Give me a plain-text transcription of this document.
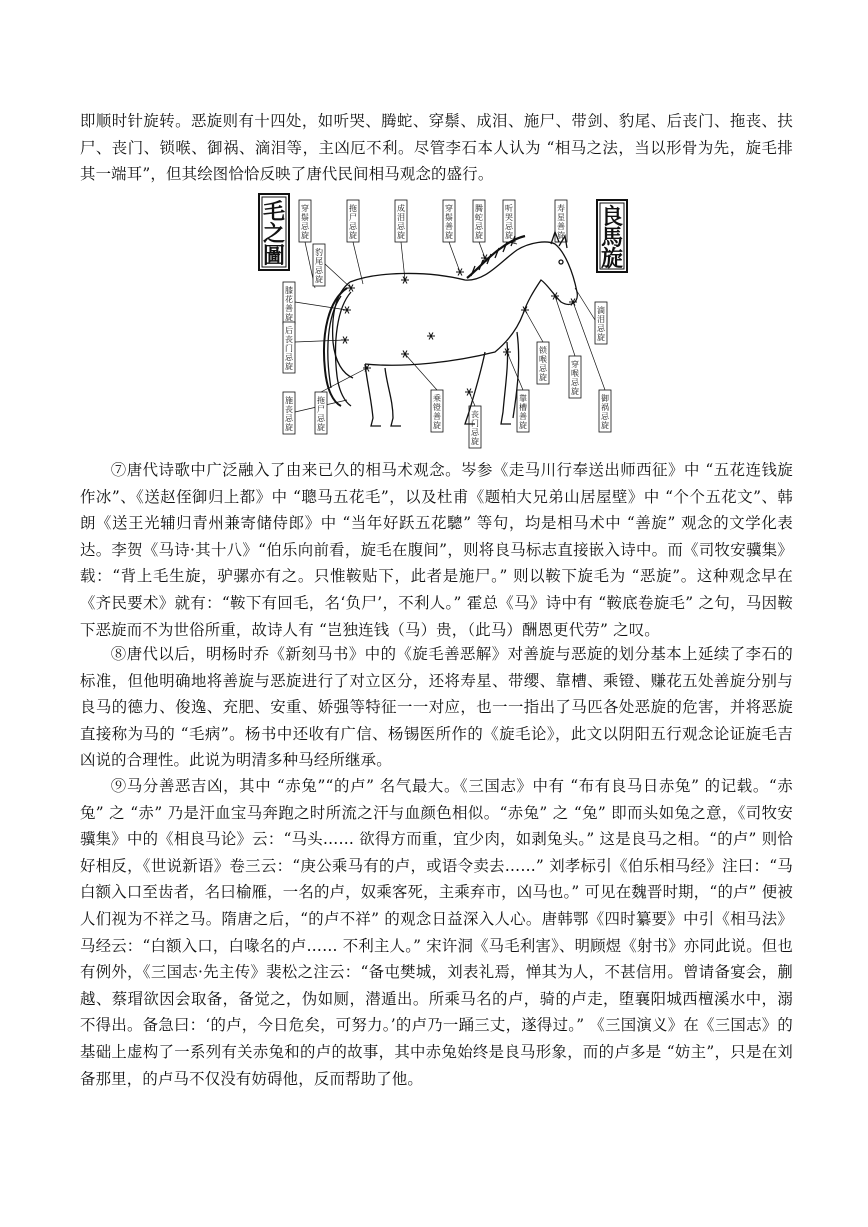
即顺时针旋转。恶旋则有十四处，如听哭、腾蛇、穿鬃、成泪、施尸、带剑、豹尾、后丧门、拖丧、扶尸、丧门、锁喉、御祸、滴泪等，主凶厄不利。尽管李石本人认为 “相马之法，当以形骨为先，旋毛排其一端耳”，但其绘图恰恰反映了唐代民间相马观念的盛行。

毛
之
圖
良
馬
旋
穿
鬃
忌
旋
拖
尸
忌
旋
成
泪
忌
旋
穿
鬃
善
旋
腾
蛇
忌
旋
听
哭
忌
旋
寿
星
善
旋
豹
尾
忌
旋
膝
花
善
旋
后
丧
门
忌
旋
施
丧
忌
旋
拖
尸
忌
旋
乘
镫
善
旋
丧
门
忌
旋
靠
槽
善
旋
锁
喉
忌
旋
穿
喉
忌
旋
御
祸
忌
旋
滴
泪
忌
旋

⑦唐代诗歌中广泛融入了由来已久的相马术观念。岑参《走马川行奉送出师西征》中 “五花连钱旋作冰”、《送赵侄御归上都》中 “聰马五花毛”，以及杜甫《题柏大兄弟山居屋壁》中 “个个五花文”、韩朗《送王光辅归青州兼寄储侍郎》中 “当年好跃五花驄” 等句，均是相马术中 “善旋” 观念的文学化表达。李贺《马诗·其十八》“伯乐向前看，旋毛在腹间”，则将良马标志直接嵌入诗中。而《司牧安骥集》载：“背上毛生旋，驴骡亦有之。只惟鞍贴下，此者是施尸。” 则以鞍下旋毛为 “恶旋”。这种观念早在《齐民要术》就有：“鞍下有回毛，名‘负尸’，不利人。” 霍总《马》诗中有 “鞍底卷旋毛” 之句，马因鞍下恶旋而不为世俗所重，故诗人有 “岂独连钱（马）贵，（此马）酬恩更代劳” 之叹。

⑧唐代以后，明杨时乔《新刻马书》中的《旋毛善恶解》对善旋与恶旋的划分基本上延续了李石的标准，但他明确地将善旋与恶旋进行了对立区分，还将寿星、带缨、靠槽、乘镫、赚花五处善旋分别与良马的德力、俊逸、充肥、安重、娇强等特征一一对应，也一一指出了马匹各处恶旋的危害，并将恶旋直接称为马的 “毛病”。杨书中还收有广信、杨锡医所作的《旋毛论》，此文以阴阳五行观念论证旋毛吉凶说的合理性。此说为明清多种马经所继承。

⑨马分善恶吉凶，其中 “赤兔”“的卢” 名气最大。《三国志》中有 “布有良马日赤兔” 的记载。“赤兔” 之 “赤” 乃是汗血宝马奔跑之时所流之汗与血颜色相似。“赤兔” 之 “兔” 即而头如兔之意，《司牧安骥集》中的《相良马论》云：“马头…… 欲得方而重，宜少肉，如剥兔头。” 这是良马之相。“的卢” 则恰好相反，《世说新语》卷三云：“庚公乘马有的卢，或语令卖去……” 刘孝标引《伯乐相马经》注曰：“马白额入口至齿者，名曰榆雁，一名的卢，奴乘客死，主乘弃市，凶马也。” 可见在魏晋时期，“的卢” 便被人们视为不祥之马。隋唐之后，“的卢不祥” 的观念日益深入人心。唐韩鄂《四时纂要》中引《相马法》马经云：“白额入口，白喙名的卢…… 不利主人。” 宋许洞《马毛利害》、明顾煜《射书》亦同此说。但也有例外，《三国志·先主传》裴松之注云：“备屯樊城，刘表礼焉，惮其为人，不甚信用。曾请备宴会，蒯越、蔡瑁欲因会取备，备觉之，伪如厕，潜遁出。所乘马名的卢，骑的卢走，堕襄阳城西檀溪水中，溺不得出。备急曰：‘的卢，今日危矣，可努力。’的卢乃一踊三丈，遂得过。” 《三国演义》在《三国志》的基础上虚构了一系列有关赤兔和的卢的故事，其中赤兔始终是良马形象，而的卢多是 “妨主”，只是在刘备那里，的卢马不仅没有妨碍他，反而帮助了他。
